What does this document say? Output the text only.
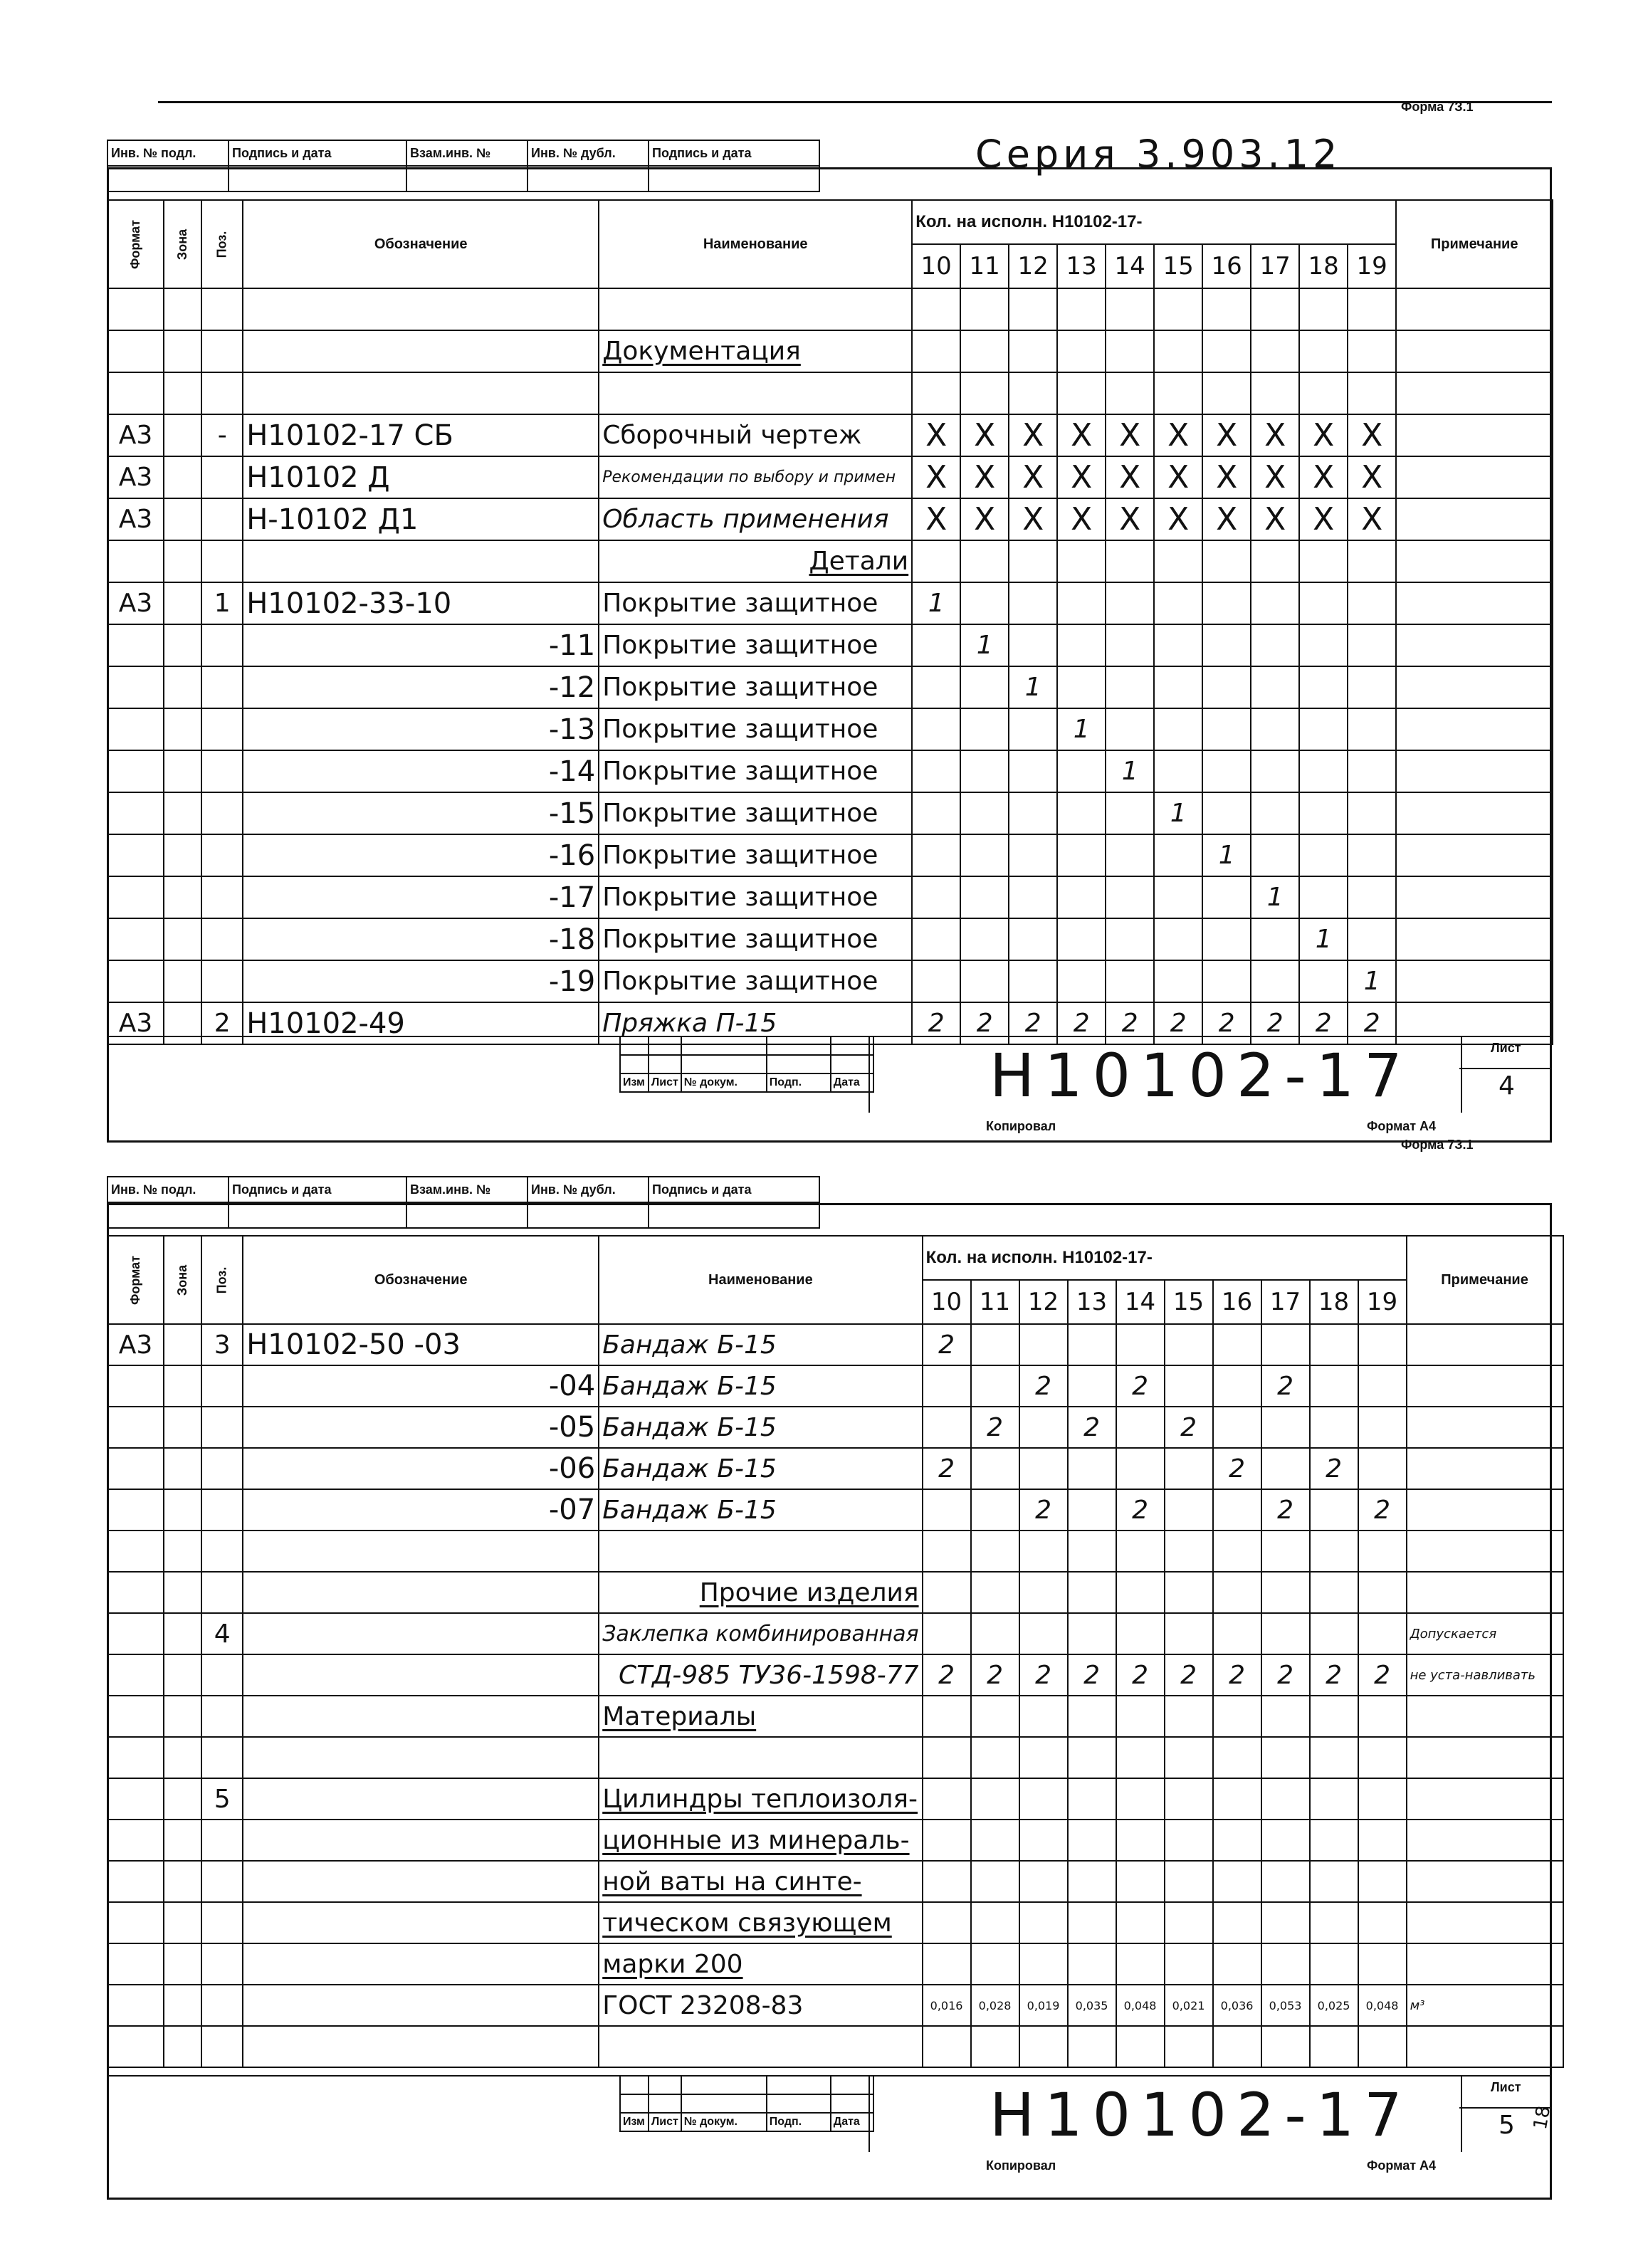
Форма 7З.1
Инв. № подл.	Подпись и дата	Взам.инв. №	Инв. № дубл.	Подпись и дата
					Серия 3.903.12
Формат	Зона	Поз.	Обозначение	Наименование	Кол. на исполн. Н10102-17-										Примечание
					10	11	12	13	14	15	16	17	18	19	

				Документация											

А3		-	Н10102-17 СБ	Сборочный чертеж	X	X	X	X	X	X	X	X	X	X	
А3			Н10102 Д	Рекомендации по выбору и примен	X	X	X	X	X	X	X	X	X	X	
А3			Н-10102 Д1	Область применения	X	X	X	X	X	X	X	X	X	X	
				Детали											
А3		1	Н10102-33-10	Покрытие защитное	1										
			-11	Покрытие защитное		1									
			-12	Покрытие защитное			1								
			-13	Покрытие защитное				1							
			-14	Покрытие защитное					1						
			-15	Покрытие защитное						1					
			-16	Покрытие защитное							1				
			-17	Покрытие защитное								1			
			-18	Покрытие защитное									1		
			-19	Покрытие защитное										1	
А3		2	Н10102-49	Пряжка П-15	2	2	2	2	2	2	2	2	2	2	

Изм	Лист	№ докум.	Подп.	Дата Н10102-17	Лист
4
Копировал	Формат А4
Форма 7З.1
Инв. № подл.	Подпись и дата	Взам.инв. №	Инв. № дубл.	Подпись и дата

Формат	Зона	Поз.	Обозначение	Наименование	Кол. на исполн. Н10102-17-										Примечание
					10	11	12	13	14	15	16	17	18	19	
А3		3	Н10102-50 -03	Бандаж Б-15	2										
			-04	Бандаж Б-15			2		2			2			
			-05	Бандаж Б-15		2		2		2					
			-06	Бандаж Б-15	2						2		2		
			-07	Бандаж Б-15			2		2			2		2	

				Прочие изделия											
		4		Заклепка комбинированная											Допускается
				СТД-985 ТУ36-1598-77	2	2	2	2	2	2	2	2	2	2	не уста-навливать
				Материалы											

		5		Цилиндры теплоизоля-											
				ционные из минераль-											
				ной ваты на синте-											
				тическом связующем											
				марки 200											
				ГОСТ 23208-83	0,016	0,028	0,019	0,035	0,048	0,021	0,036	0,053	0,025	0,048	м³

Изм	Лист	№ докум.	Подп.	Дата Н10102-17	Лист
5 18
Копировал	Формат А4
